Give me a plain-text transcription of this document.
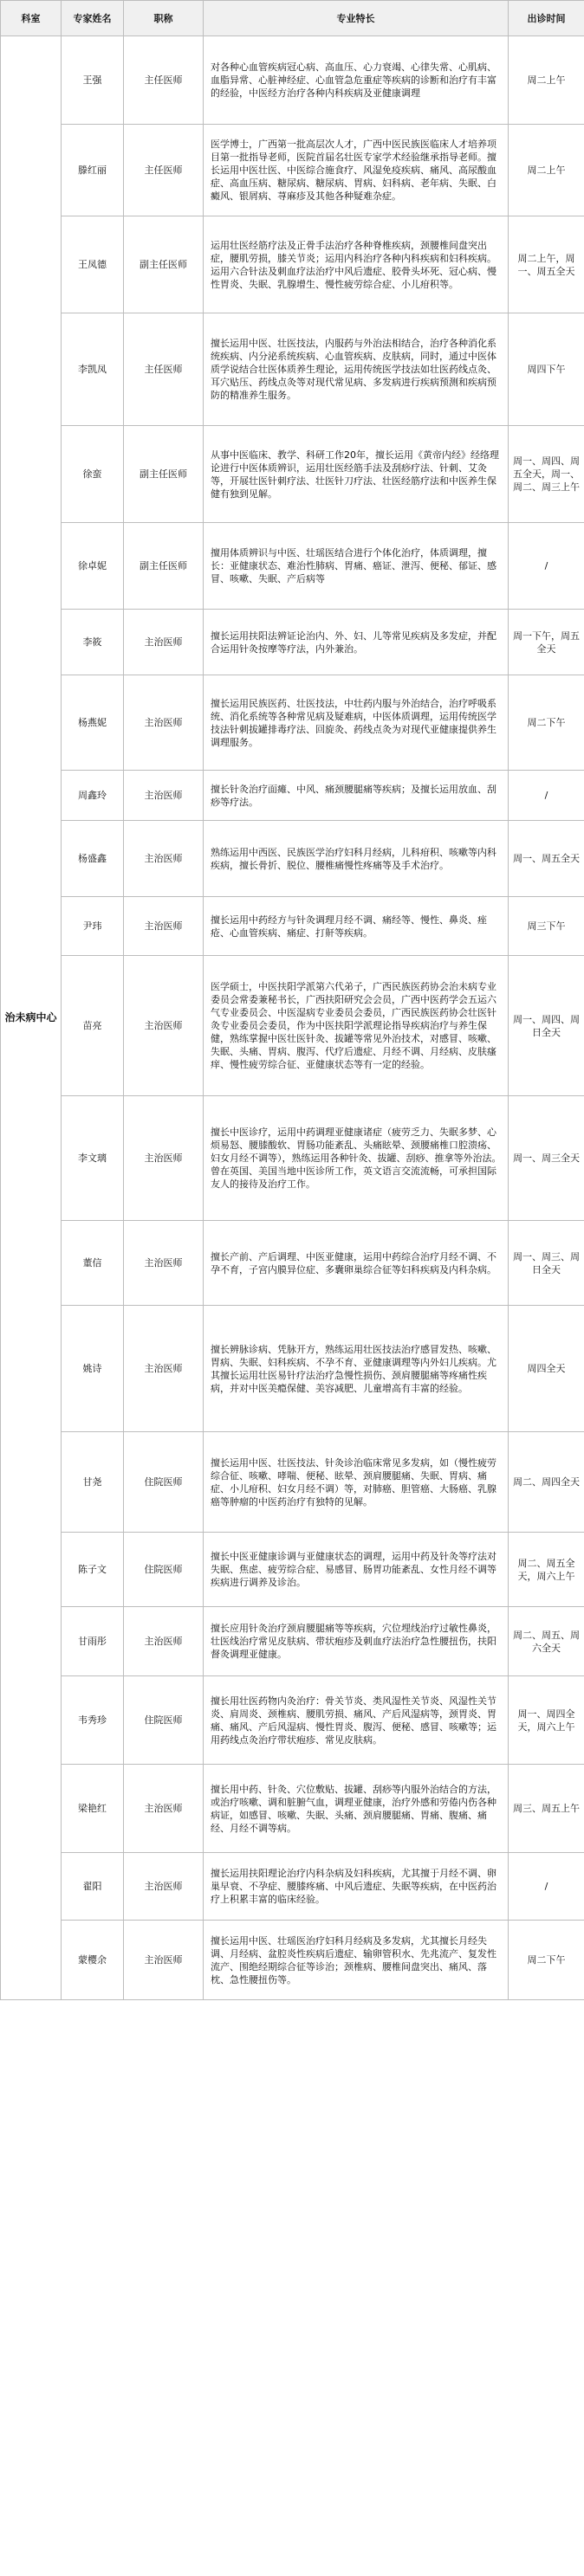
科室	专家姓名	职称	专业特长	出诊时间
治未病中心	王强	主任医师	对各种心血管疾病冠心病、高血压、心力衰竭、心律失常、心肌病、血脂异常、心脏神经症、心血管急危重症等疾病的诊断和治疗有丰富的经验，中医经方治疗各种内科疾病及亚健康调理	周二上午
	滕红丽	主任医师	医学博士，广西第一批高层次人才，广西中医民族医临床人才培养项目第一批指导老师，医院首届名壮医专家学术经验继承指导老师。擅长运用中医壮医、中医综合施食疗、风湿免疫疾病、痛风、高尿酸血症、高血压病、糖尿病、糖尿病、胃病、妇科病、老年病、失眠、白癜风、银屑病、荨麻疹及其他各种疑难杂症。	周二上午
	王凤德	副主任医师	运用壮医经筋疗法及正骨手法治疗各种脊椎疾病，颈腰椎间盘突出症，腰肌劳损，膝关节炎；运用内科治疗各种内科疾病和妇科疾病。运用六合针法及刺血疗法治疗中风后遗症、胶骨头坏死、冠心病、慢性胃炎、失眠、乳腺增生、慢性疲劳综合症、小儿疳积等。	周二上午，周一、周五全天
	李凯凤	主任医师	擅长运用中医、壮医技法，内服药与外治法相结合，治疗各种消化系统疾病、内分泌系统疾病、心血管疾病、皮肤病，同时，通过中医体质学说结合壮医体质养生理论，运用传统医学技法如壮医药线点灸、耳穴贴压、药线点灸等对现代常见病、多发病进行疾病预测和疾病预防的精准养生服务。	周四下午
	徐蛮	副主任医师	从事中医临床、教学、科研工作20年，擅长运用《黄帝内经》经络理论进行中医体质辨识，运用壮医经筋手法及刮痧疗法、针刺、艾灸等，开展壮医针刺疗法、壮医针刀疗法、壮医经筋疗法和中医养生保健有独到见解。	周一、周四、周五全天，周一、周二、周三上午
	徐卓妮	副主任医师	擅用体质辨识与中医、壮瑶医结合进行个体化治疗，体质调理，擅长：亚健康状态、难治性肺病、胃痛、癌证、泄泻、便秘、郁证、感冒、咳嗽、失眠、产后病等	/
	李筱	主治医师	擅长运用扶阳法辨证论治内、外、妇、儿等常见疾病及多发症，并配合运用针灸按摩等疗法，内外兼治。	周一下午，周五全天
	杨燕妮	主治医师	擅长运用民族医药、壮医技法，中壮药内服与外治结合，治疗呼吸系统、消化系统等各种常见病及疑难病，中医体质调理，运用传统医学技法针刺拔罐排毒疗法、回旋灸、药线点灸为对现代亚健康提供养生调理服务。	周二下午
	周鑫玲	主治医师	擅长针灸治疗面瘫、中风、痛颈腰腿痛等疾病；及擅长运用放血、刮痧等疗法。	/
	杨盛鑫	主治医师	熟练运用中西医、民族医学治疗妇科月经病，儿科疳积、咳嗽等内科疾病，擅长骨折、脱位、腰椎痛慢性疼痛等及手术治疗。	周一、周五全天
	尹玮	主治医师	擅长运用中药经方与针灸调理月经不调、痛经等、慢性、鼻炎、痤疮、心血管疾病、痛症、打鼾等疾病。	周三下午
	苗亮	主治医师	医学硕士，中医扶阳学派第六代弟子，广西民族医药协会治未病专业委员会常委兼秘书长，广西扶阳研究会会员，广西中医药学会五运六气专业委员会、中医湿病专业委员会委员，广西民族医药协会壮医针灸专业委员会委员，作为中医扶阳学派理论指导疾病治疗与养生保健，熟练掌握中医壮医针灸、拔罐等常见外治技术，对感冒、咳嗽、失眠、头痛、胃病、腹泻、代疗后遗症、月经不调、月经病、皮肤瘙痒、慢性疲劳综合征、亚健康状态等有一定的经验。	周一、周四、周日全天
	李文璃	主治医师	擅长中医诊疗，运用中药调理亚健康诸症（疲劳乏力、失眠多梦、心烦易怒、腰膝酸软、胃肠功能紊乱、头痛眩晕、颈腰痛椎口腔溃疡、妇女月经不调等），熟练运用各种针灸、拔罐、刮痧、推拿等外治法。曾在英国、美国当地中医诊所工作，英文语言交流流畅，可承担国际友人的接待及治疗工作。	周一、周三全天
	董信	主治医师	擅长产前、产后调理、中医亚健康，运用中药综合治疗月经不调、不孕不育，子宫内膜异位症、多囊卵巢综合征等妇科疾病及内科杂病。	周一、周三、周日全天
	姚诗	主治医师	擅长辨脉诊病、凭脉开方，熟练运用壮医技法治疗感冒发热、咳嗽、胃病、失眠、妇科疾病、不孕不育、亚健康调理等内外妇儿疾病。尤其擅长运用壮医易针疗法治疗急慢性损伤、颈肩腰腿痛等疼痛性疾病，并对中医美瘾保健、美容减肥、儿童增高有丰富的经验。	周四全天
	甘尧	住院医师	擅长运用中医、壮医技法、针灸诊治临床常见多发病，如（慢性疲劳综合征、咳嗽、哮喘、便秘、眩晕、颈肩腰腿痛、失眠、胃病、痛症、小儿疳积、妇女月经不调）等，对肺癌、胆管癌、大肠癌、乳腺癌等肿瘤的中医药治疗有独特的见解。	周二、周四全天
	陈子文	住院医师	擅长中医亚健康诊调与亚健康状态的调理，运用中药及针灸等疗法对失眠、焦虑、疲劳综合症、易感冒、肠胃功能紊乱、女性月经不调等疾病进行调养及诊治。	周二、周五全天，周六上午
	甘雨彤	主治医师	擅长应用针灸治疗颈肩腰腿痛等等疾病，穴位埋线治疗过敏性鼻炎，壮医线治疗常见皮肤病、带状疱疹及刺血疗法治疗急性腰扭伤，扶阳督灸调理亚健康。	周二、周五、周六全天
	韦秀珍	住院医师	擅长用壮医药物内灸治疗：骨关节炎、类风湿性关节炎、风湿性关节炎、肩周炎、颈椎病、腰肌劳损、痛风、产后风湿病等，颈胃炎、胃痛、痛风、产后风湿病、慢性胃炎、腹泻、便秘、感冒、咳嗽等；运用药线点灸治疗带状疱疹、常见皮肤病。	周一、周四全天，周六上午
	梁艳红	主治医师	擅长用中药、针灸、穴位敷贴、拔罐、刮痧等内服外治结合的方法，或治疗咳嗽、调和脏腑气血，调理亚健康，治疗外感和劳倦内伤各种病证，如感冒、咳嗽、失眠、头痛、颈肩腰腿痛、胃痛、腹痛、痛经、月经不调等病。	周三、周五上午
	翟阳	主治医师	擅长运用扶阳理论治疗内科杂病及妇科疾病，尤其擅于月经不调、卵巢早衰、不孕症、腰膝疼痛、中风后遗症、失眠等疾病，在中医药治疗上积累丰富的临床经验。	/
	蒙樱余	主治医师	擅长运用中医、壮瑶医治疗妇科月经病及多发病，尤其擅长月经失调、月经病、盆腔炎性疾病后遗症、输卵管积水、先兆流产、复发性流产、围绝经期综合征等诊治；颈椎病、腰椎间盘突出、痛风、落枕、急性腰扭伤等。	周二下午
